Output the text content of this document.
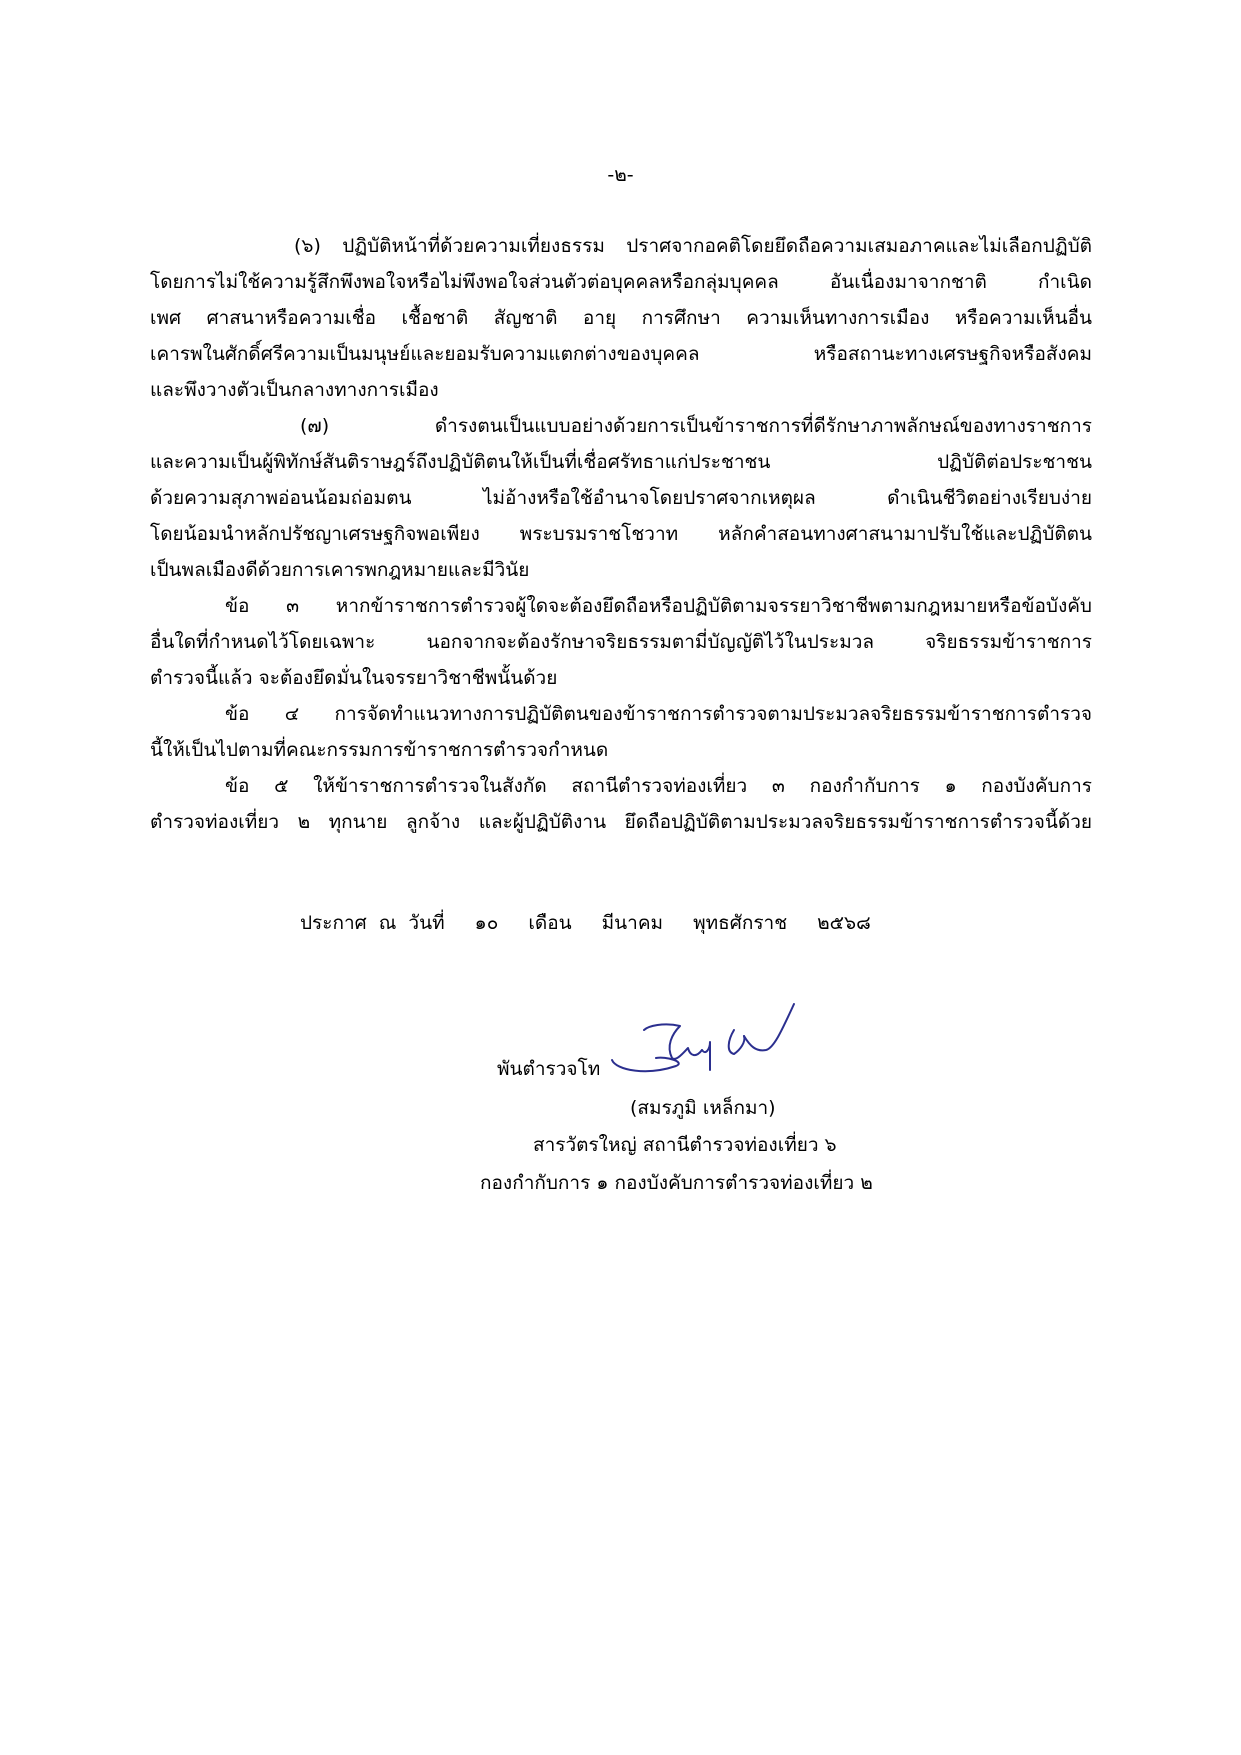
-๒-
(๖) ปฏิบัติหน้าที่ด้วยความเที่ยงธรรม ปราศจากอคติโดยยึดถือความเสมอภาคและไม่เลือกปฏิบัติ
โดยการไม่ใช้ความรู้สึกพึงพอใจหรือไม่พึงพอใจส่วนตัวต่อบุคคลหรือกลุ่มบุคคล อันเนื่องมาจากชาติ กำเนิด
เพศ ศาสนาหรือความเชื่อ เชื้อชาติ สัญชาติ อายุ การศึกษา ความเห็นทางการเมือง หรือความเห็นอื่น
เคารพในศักดิ์ศรีความเป็นมนุษย์และยอมรับความแตกต่างของบุคคล หรือสถานะทางเศรษฐกิจหรือสังคม
และพึงวางตัวเป็นกลางทางการเมือง
(๗) ดำรงตนเป็นแบบอย่างด้วยการเป็นข้าราชการที่ดีรักษาภาพลักษณ์ของทางราชการ
และความเป็นผู้พิทักษ์สันติราษฎร์ถึงปฏิบัติตนให้เป็นที่เชื่อศรัทธาแก่ประชาชน ปฏิบัติต่อประชาชน
ด้วยความสุภาพอ่อนน้อมถ่อมตน ไม่อ้างหรือใช้อำนาจโดยปราศจากเหตุผล ดำเนินชีวิตอย่างเรียบง่าย
โดยน้อมนำหลักปรัชญาเศรษฐกิจพอเพียง พระบรมราชโชวาท หลักคำสอนทางศาสนามาปรับใช้และปฏิบัติตน
เป็นพลเมืองดีด้วยการเคารพกฎหมายและมีวินัย
ข้อ ๓ หากข้าราชการตำรวจผู้ใดจะต้องยึดถือหรือปฏิบัติตามจรรยาวิชาชีพตามกฎหมายหรือข้อบังคับ
อื่นใดที่กำหนดไว้โดยเฉพาะ นอกจากจะต้องรักษาจริยธรรมตามี่บัญญัติไว้ในประมวล จริยธรรมข้าราชการ
ตำรวจนี้แล้ว จะต้องยึดมั่นในจรรยาวิชาชีพนั้นด้วย
ข้อ ๔ การจัดทำแนวทางการปฏิบัติตนของข้าราชการตำรวจตามประมวลจริยธรรมข้าราชการตำรวจ
นี้ให้เป็นไปตามที่คณะกรรมการข้าราชการตำรวจกำหนด
ข้อ ๕ ให้ข้าราชการตำรวจในสังกัด สถานีตำรวจท่องเที่ยว ๓ กองกำกับการ ๑ กองบังคับการ
ตำรวจท่องเที่ยว ๒ ทุกนาย ลูกจ้าง และผู้ปฏิบัติงาน ยึดถือปฏิบัติตามประมวลจริยธรรมข้าราชการตำรวจนี้ด้วย
ประกาศ ณ วันที่ ๑๐ เดือน มีนาคม พุทธศักราช ๒๕๖๘
พันตำรวจโท
(สมรภูมิ เหล็กมา)
สารวัตรใหญ่ สถานีตำรวจท่องเที่ยว ๖
กองกำกับการ ๑ กองบังคับการตำรวจท่องเที่ยว ๒
